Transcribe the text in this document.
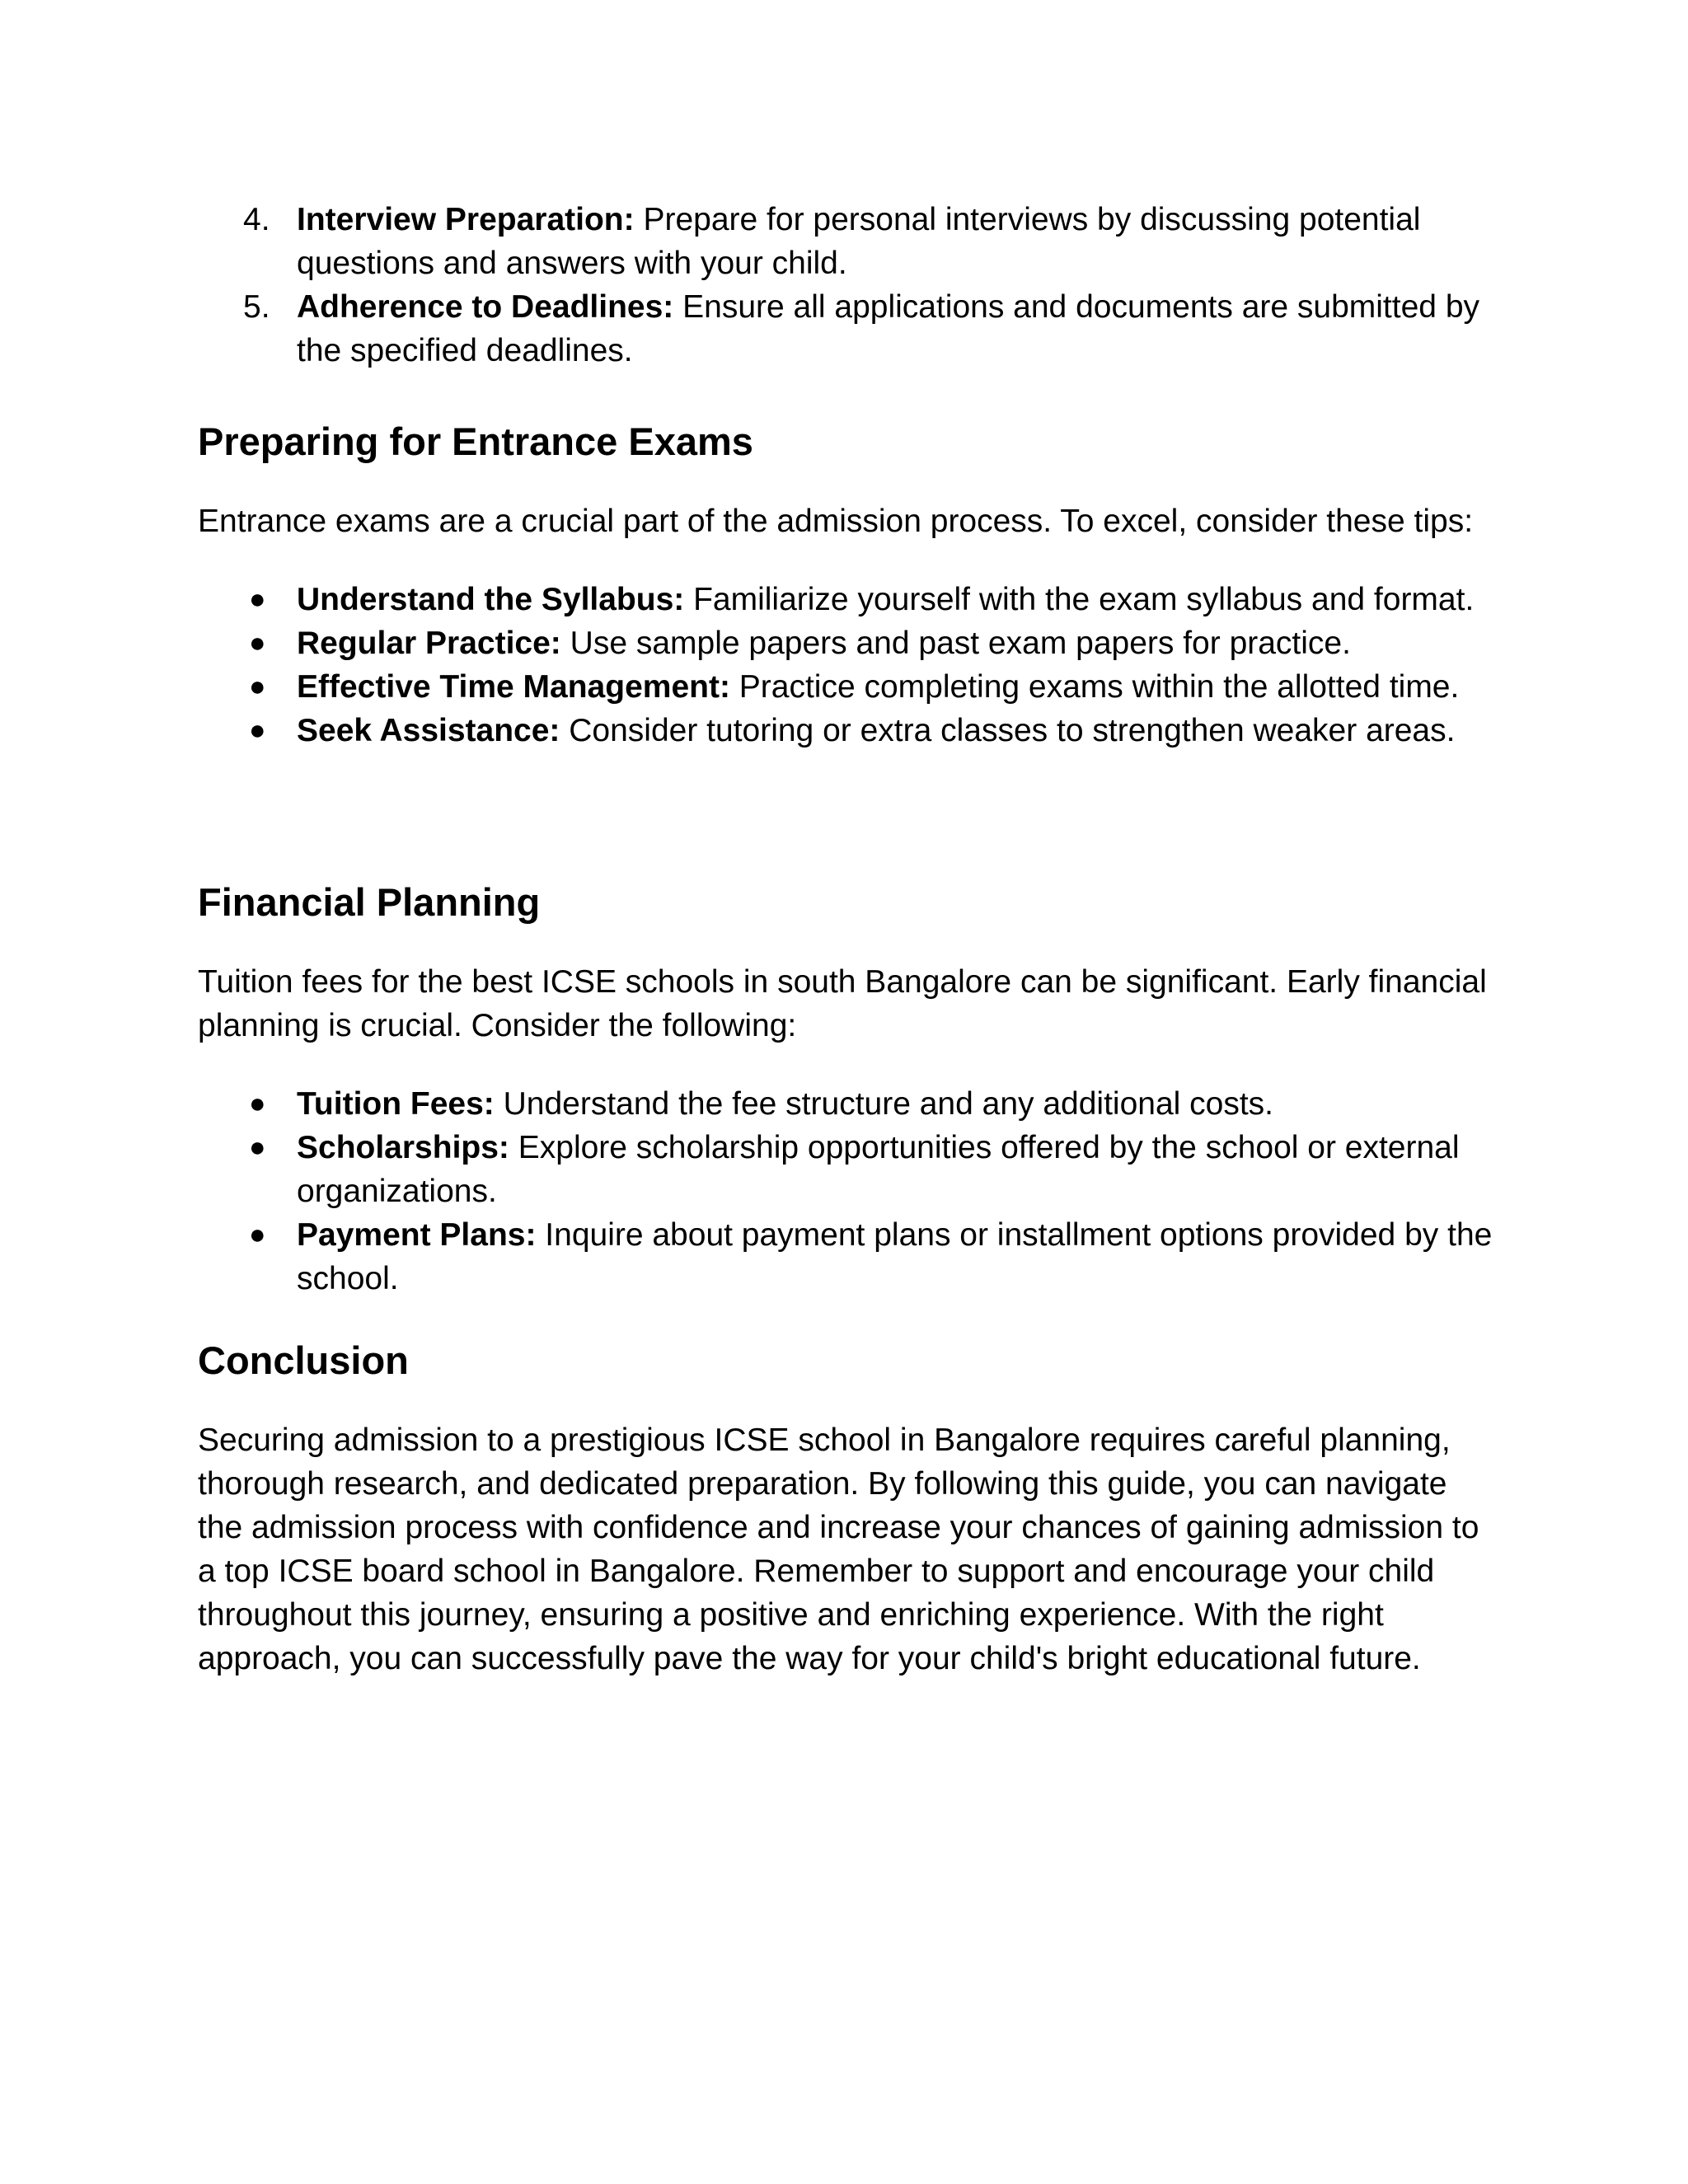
4. Interview Preparation: Prepare for personal interviews by discussing potential questions and answers with your child.
5. Adherence to Deadlines: Ensure all applications and documents are submitted by the specified deadlines.
Preparing for Entrance Exams

Entrance exams are a crucial part of the admission process. To excel, consider these tips:

● Understand the Syllabus: Familiarize yourself with the exam syllabus and format.
● Regular Practice: Use sample papers and past exam papers for practice.
● Effective Time Management: Practice completing exams within the allotted time.
● Seek Assistance: Consider tutoring or extra classes to strengthen weaker areas.
Financial Planning

Tuition fees for the best ICSE schools in south Bangalore can be significant. Early financial planning is crucial. Consider the following:

● Tuition Fees: Understand the fee structure and any additional costs.
● Scholarships: Explore scholarship opportunities offered by the school or external organizations.
● Payment Plans: Inquire about payment plans or installment options provided by the school.
Conclusion

Securing admission to a prestigious ICSE school in Bangalore requires careful planning, thorough research, and dedicated preparation. By following this guide, you can navigate the admission process with confidence and increase your chances of gaining admission to a top ICSE board school in Bangalore. Remember to support and encourage your child throughout this journey, ensuring a positive and enriching experience. With the right approach, you can successfully pave the way for your child's bright educational future.
